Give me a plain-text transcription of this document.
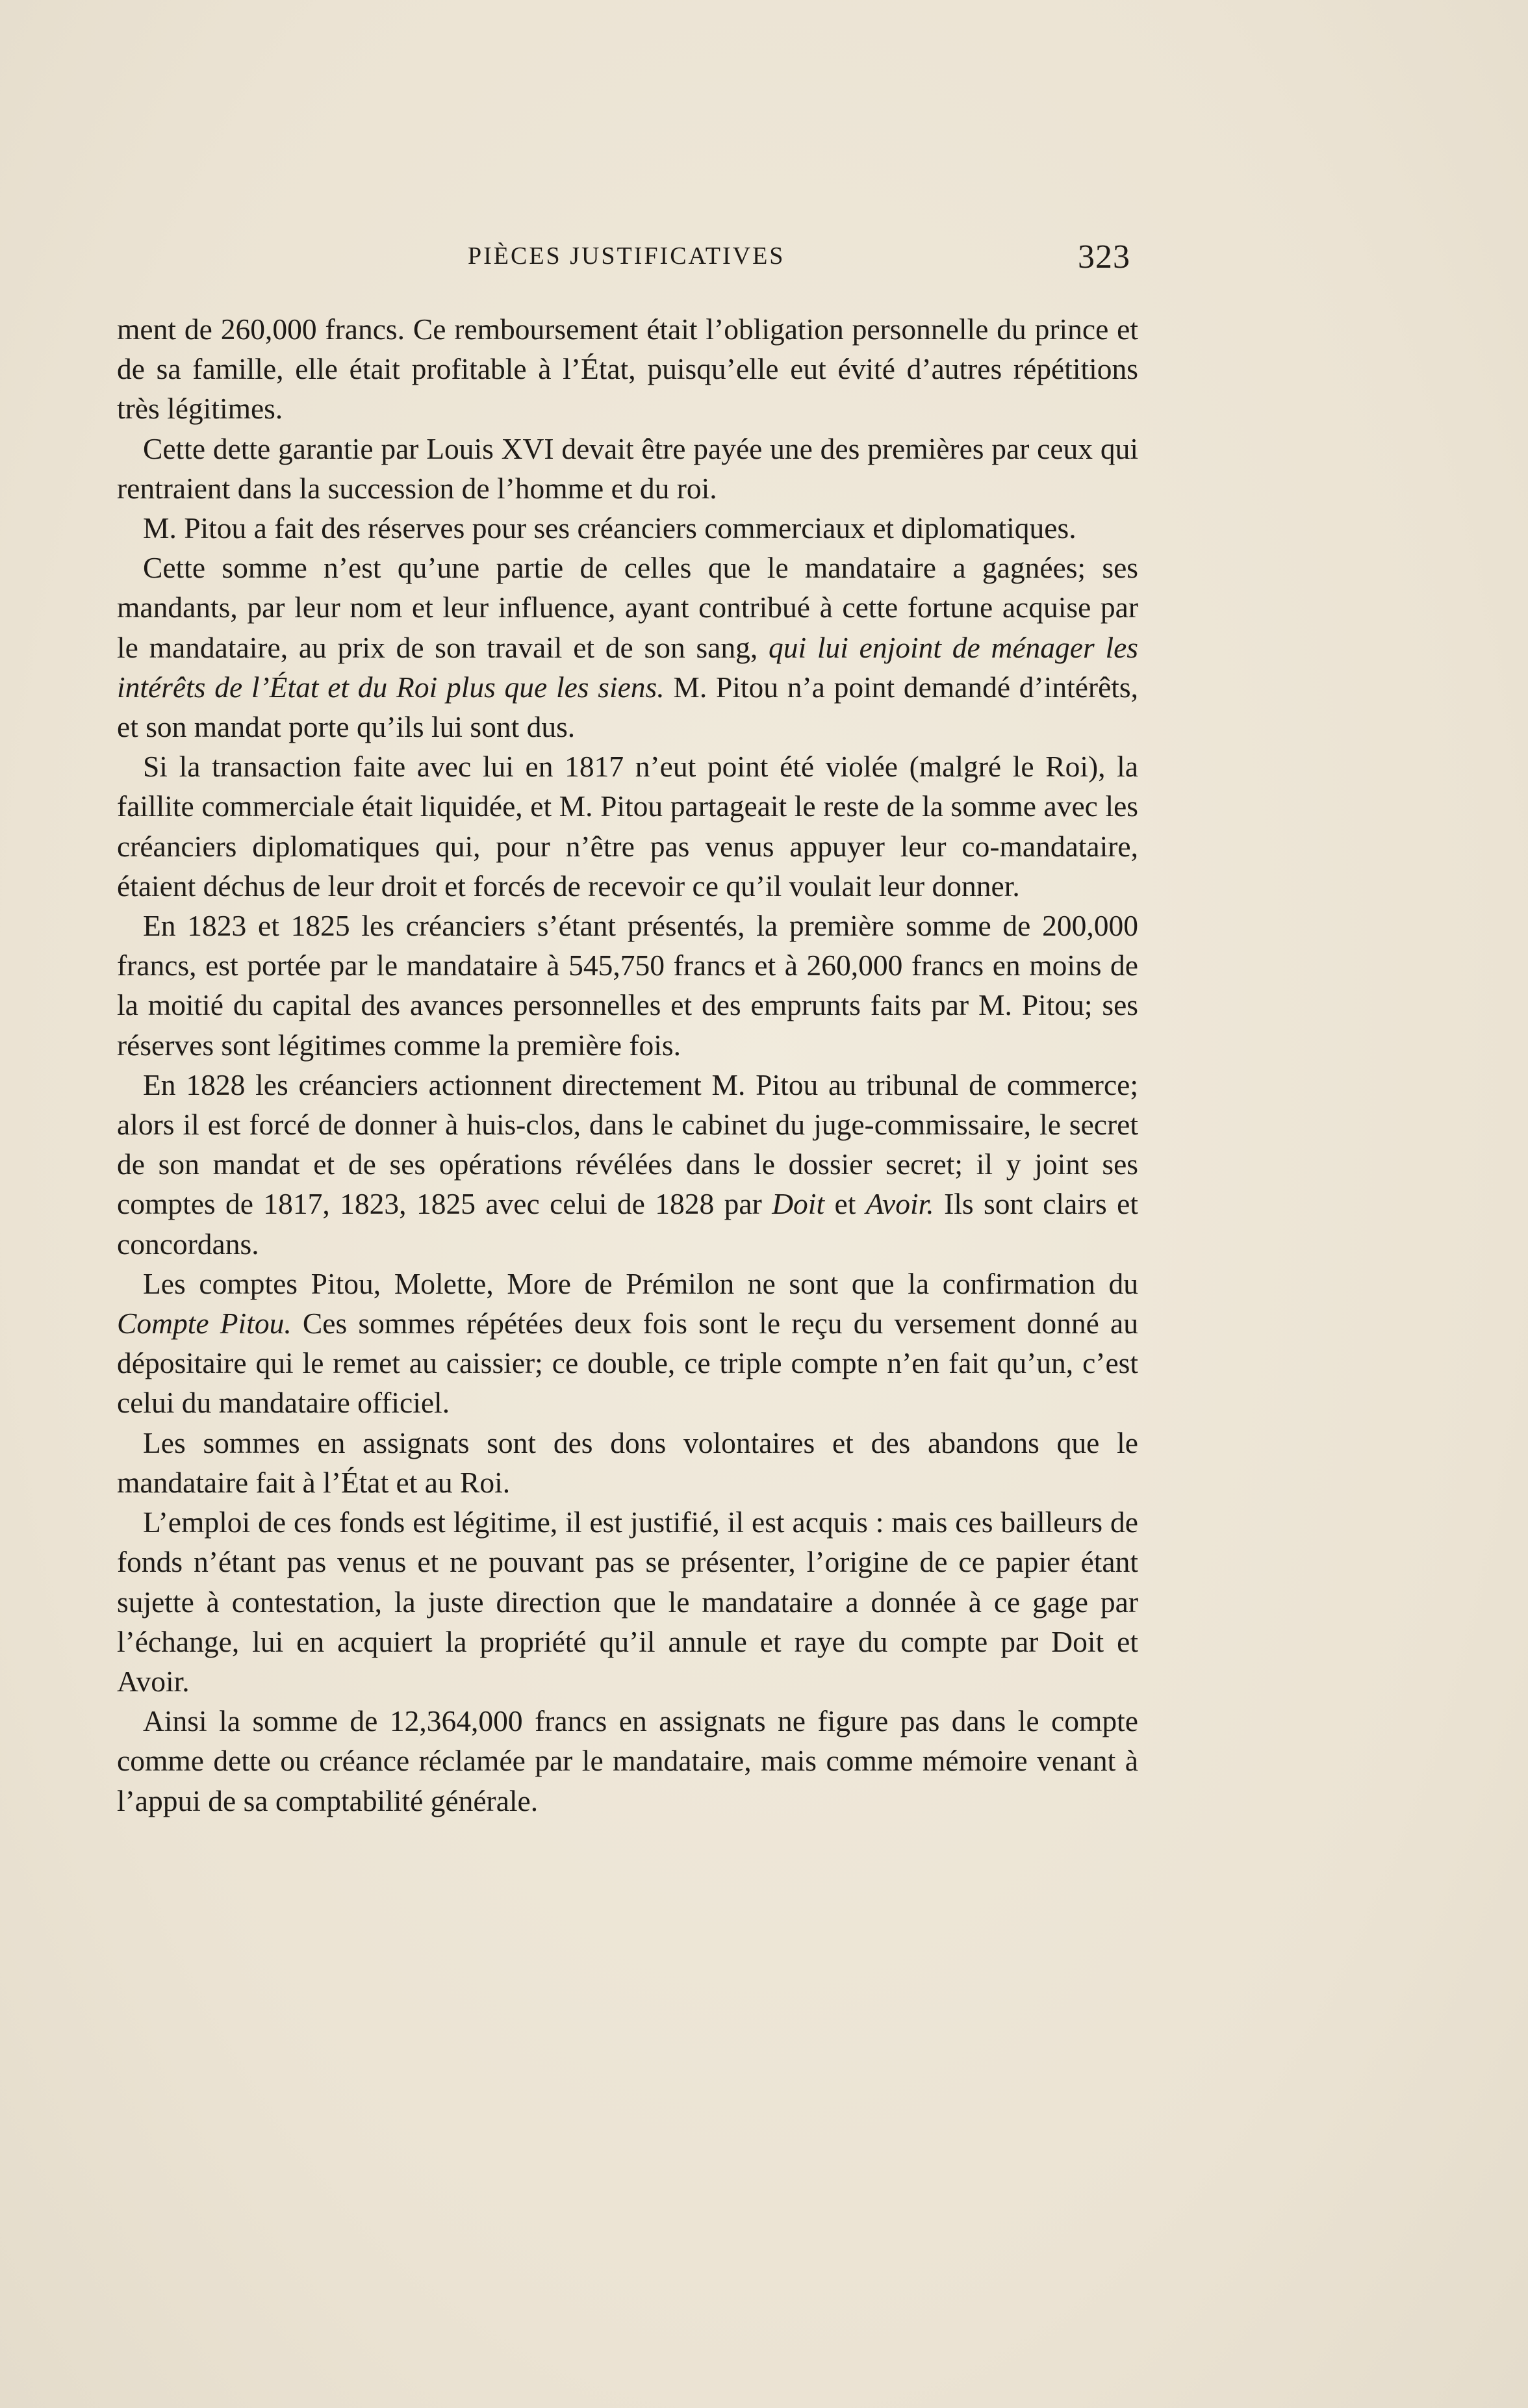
PIÈCES JUSTIFICATIVES	323

ment de 260,000 francs. Ce remboursement était l’obligation personnelle du prince et de sa famille, elle était profitable à l’État, puisqu’elle eut évité d’autres répétitions très légitimes.

Cette dette garantie par Louis XVI devait être payée une des premières par ceux qui rentraient dans la succession de l’homme et du roi.

M. Pitou a fait des réserves pour ses créanciers commerciaux et diplomatiques.

Cette somme n’est qu’une partie de celles que le mandataire a gagnées; ses mandants, par leur nom et leur influence, ayant contribué à cette fortune acquise par le mandataire, au prix de son travail et de son sang, qui lui enjoint de ménager les intérêts de l’État et du Roi plus que les siens. M. Pitou n’a point demandé d’intérêts, et son mandat porte qu’ils lui sont dus.

Si la transaction faite avec lui en 1817 n’eut point été violée (malgré le Roi), la faillite commerciale était liquidée, et M. Pitou partageait le reste de la somme avec les créanciers diplomatiques qui, pour n’être pas venus appuyer leur co-mandataire, étaient déchus de leur droit et forcés de recevoir ce qu’il voulait leur donner.

En 1823 et 1825 les créanciers s’étant présentés, la première somme de 200,000 francs, est portée par le mandataire à 545,750 francs et à 260,000 francs en moins de la moitié du capital des avances personnelles et des emprunts faits par M. Pitou; ses réserves sont légitimes comme la première fois.

En 1828 les créanciers actionnent directement M. Pitou au tribunal de commerce; alors il est forcé de donner à huis-clos, dans le cabinet du juge-commissaire, le secret de son mandat et de ses opérations révélées dans le dossier secret; il y joint ses comptes de 1817, 1823, 1825 avec celui de 1828 par Doit et Avoir. Ils sont clairs et concordans.

Les comptes Pitou, Molette, More de Prémilon ne sont que la confirmation du Compte Pitou. Ces sommes répétées deux fois sont le reçu du versement donné au dépositaire qui le remet au caissier; ce double, ce triple compte n’en fait qu’un, c’est celui du mandataire officiel.

Les sommes en assignats sont des dons volontaires et des abandons que le mandataire fait à l’État et au Roi.

L’emploi de ces fonds est légitime, il est justifié, il est acquis : mais ces bailleurs de fonds n’étant pas venus et ne pouvant pas se présenter, l’origine de ce papier étant sujette à contestation, la juste direction que le mandataire a donnée à ce gage par l’échange, lui en acquiert la propriété qu’il annule et raye du compte par Doit et Avoir.

Ainsi la somme de 12,364,000 francs en assignats ne figure pas dans le compte comme dette ou créance réclamée par le mandataire, mais comme mémoire venant à l’appui de sa comptabilité générale.
